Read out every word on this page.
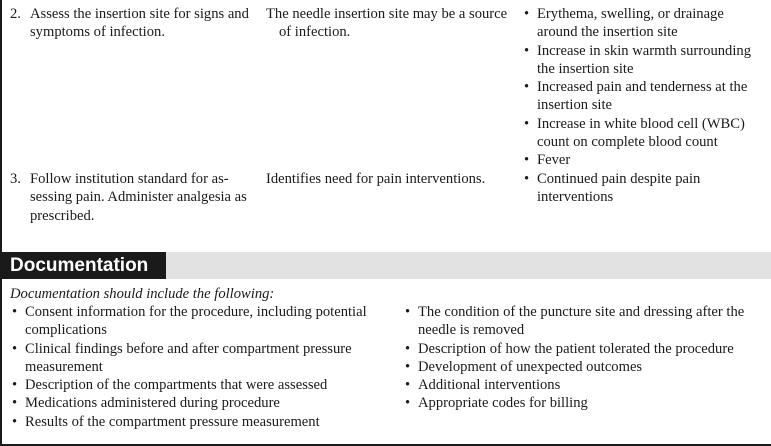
2. Assess the insertion site for signs and symptoms of infection.
The needle insertion site may be a source of infection.
• Erythema, swelling, or drainage around the insertion site
• Increase in skin warmth surrounding the insertion site
• Increased pain and tenderness at the insertion site
• Increase in white blood cell (WBC) count on complete blood count
• Fever
3. Follow institution standard for as-sessing pain. Administer analgesia as prescribed.
Identifies need for pain interventions.
•	Continued pain despite pain interventions
Documentation
Documentation should include the following:
• Consent information for the procedure, including potential complications
• Clinical findings before and after compartment pressure measurement
• Description of the compartments that were assessed
• Medications administered during procedure
• Results of the compartment pressure measurement
• The condition of the puncture site and dressing after the needle is removed
• Description of how the patient tolerated the procedure
• Development of unexpected outcomes
• Additional interventions
• Appropriate codes for billing
